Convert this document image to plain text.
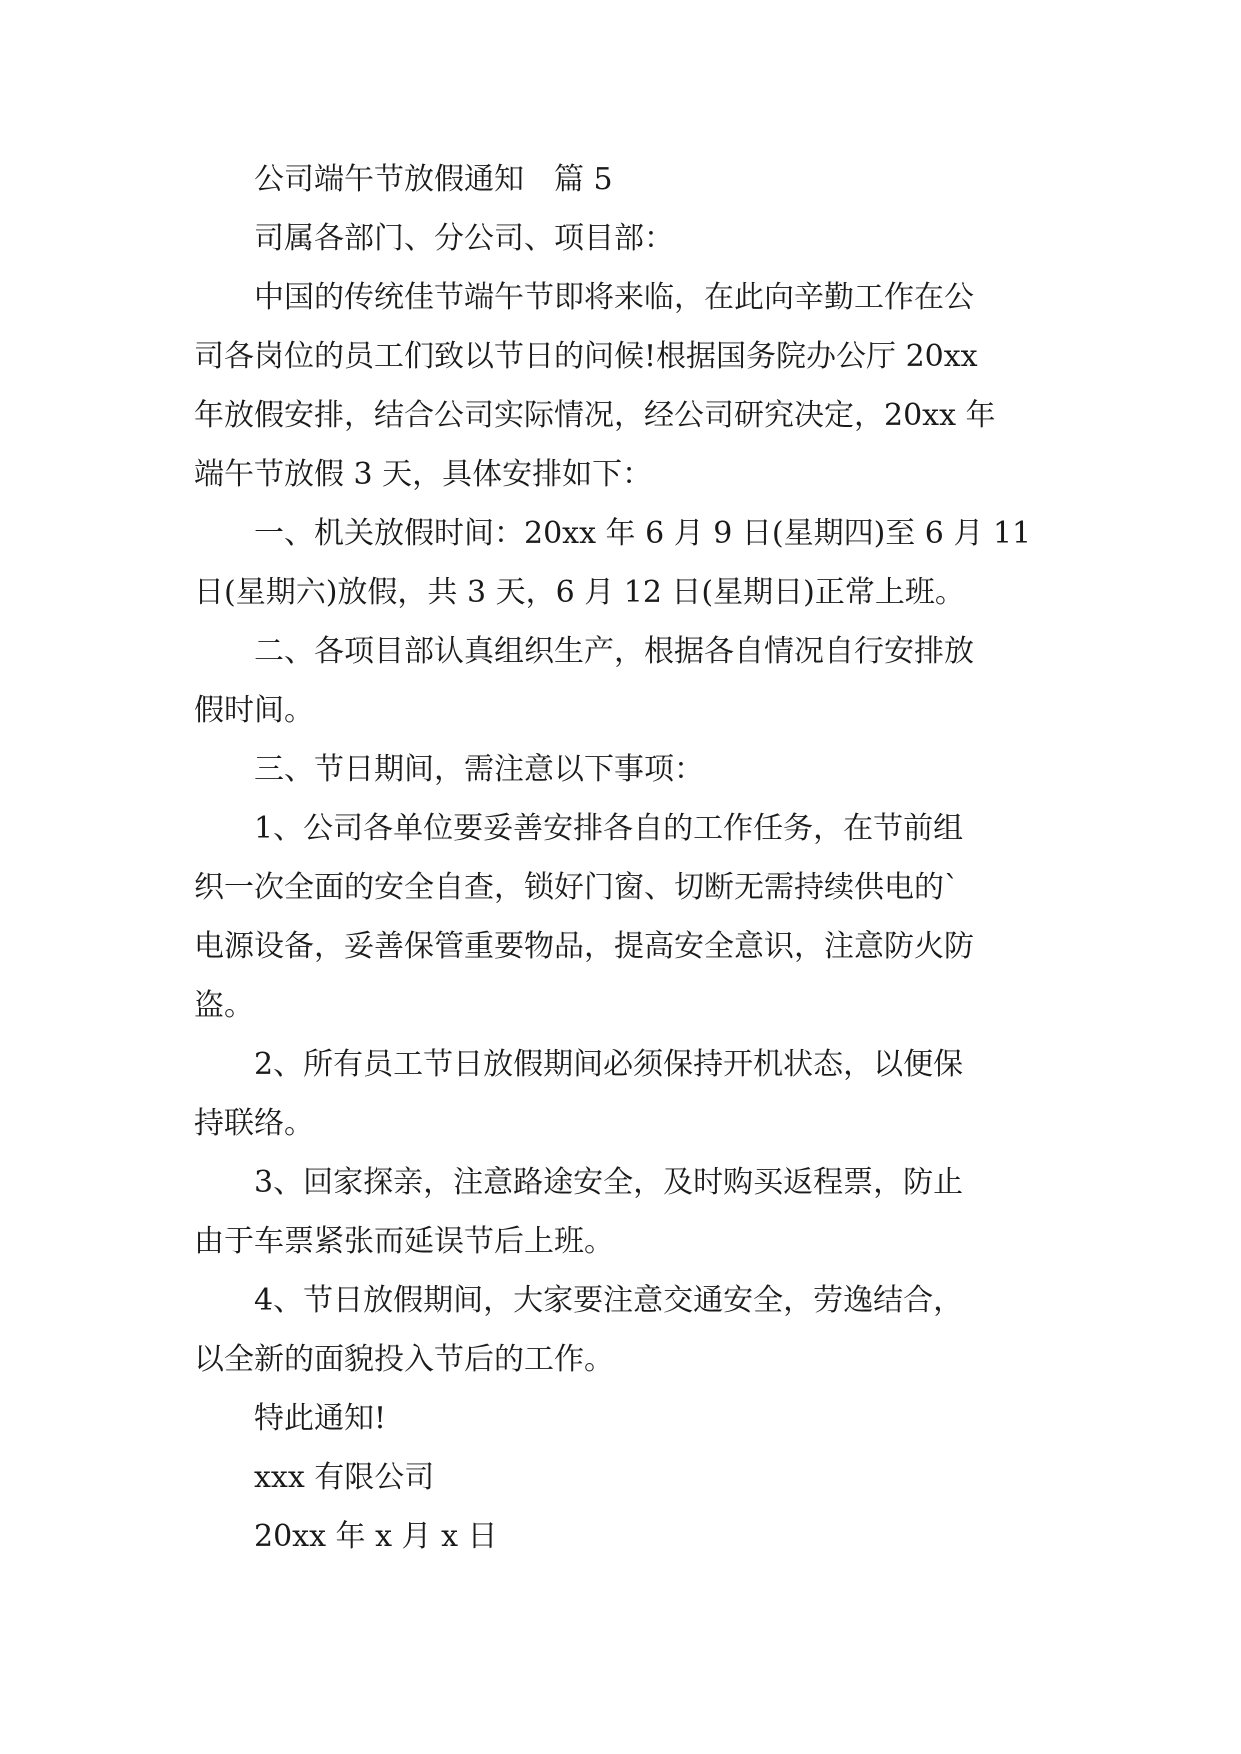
公司端午节放假通知　篇 5

司属各部门、分公司、项目部：

中国的传统佳节端午节即将来临，在此向辛勤工作在公

司各岗位的员工们致以节日的问候!根据国务院办公厅 20xx

年放假安排，结合公司实际情况，经公司研究决定，20xx 年

端午节放假 3 天，具体安排如下：

一、机关放假时间：20xx 年 6 月 9 日(星期四)至 6 月 11

日(星期六)放假，共 3 天，6 月 12 日(星期日)正常上班。

二、各项目部认真组织生产，根据各自情况自行安排放

假时间。

三、节日期间，需注意以下事项：

1、公司各单位要妥善安排各自的工作任务，在节前组

织一次全面的安全自查，锁好门窗、切断无需持续供电的`

电源设备，妥善保管重要物品，提高安全意识，注意防火防

盗。

2、所有员工节日放假期间必须保持开机状态，以便保

持联络。

3、回家探亲，注意路途安全，及时购买返程票，防止

由于车票紧张而延误节后上班。

4、节日放假期间，大家要注意交通安全，劳逸结合，

以全新的面貌投入节后的工作。

特此通知!

xxx 有限公司

20xx 年 x 月 x 日
